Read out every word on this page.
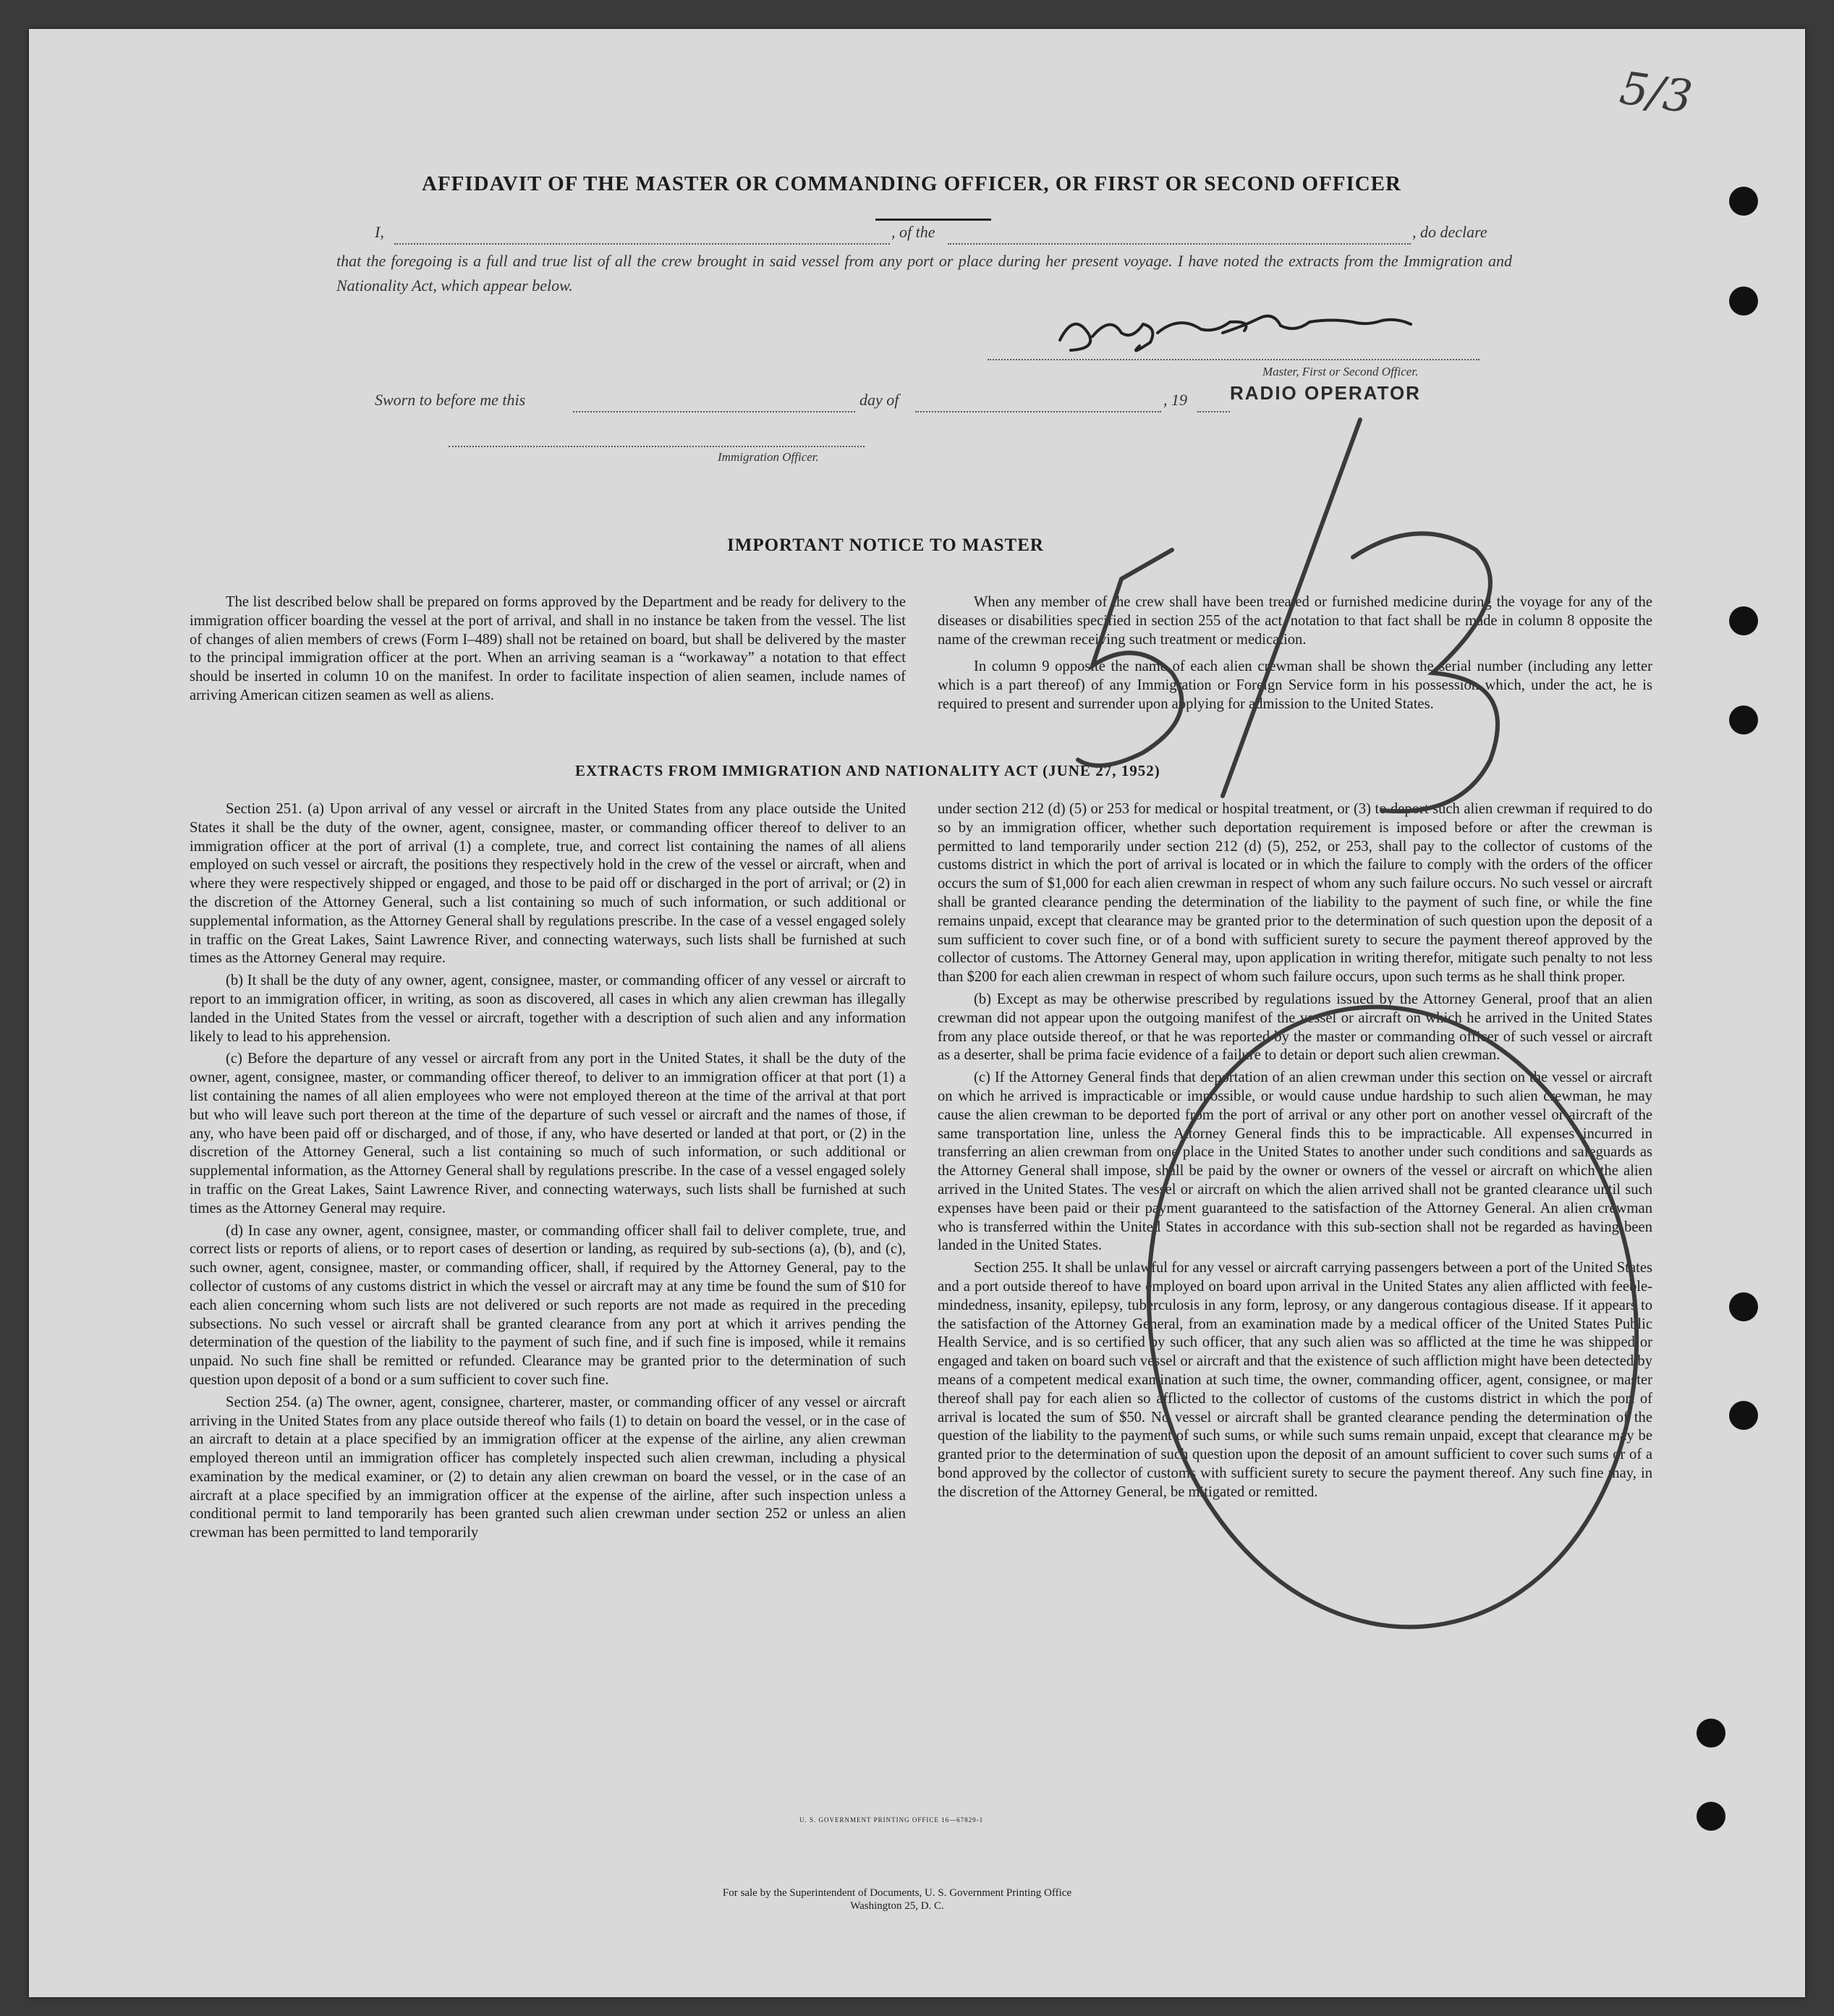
AFFIDAVIT OF THE MASTER OR COMMANDING OFFICER, OR FIRST OR SECOND OFFICER
I,	, of the	, do declare
that the foregoing is a full and true list of all the crew brought in said vessel from any port or place during her present voyage. I have noted the extracts from the Immigration and Nationality Act, which appear below.
Master, First or Second Officer.
RADIO OPERATOR
Sworn to before me this	day of	, 19
Immigration Officer.
IMPORTANT NOTICE TO MASTER

The list described below shall be prepared on forms approved by the Department and be ready for delivery to the immigration officer boarding the vessel at the port of arrival, and shall in no instance be taken from the vessel. The list of changes of alien members of crews (Form I–489) shall not be retained on board, but shall be delivered by the master to the principal immigration officer at the port. When an arriving seaman is a “workaway” a notation to that effect should be inserted in column 10 on the manifest. In order to facilitate inspection of alien seamen, include names of arriving American citizen seamen as well as aliens.

When any member of the crew shall have been treated or furnished medicine during the voyage for any of the diseases or disabilities specified in section 255 of the act, notation to that fact shall be made in column 8 opposite the name of the crewman receiving such treatment or medication.

In column 9 opposite the name of each alien crewman shall be shown the serial number (including any letter which is a part thereof) of any Immigration or Foreign Service form in his possession which, under the act, he is required to present and surrender upon applying for admission to the United States.

EXTRACTS FROM IMMIGRATION AND NATIONALITY ACT (JUNE 27, 1952)

Section 251. (a) Upon arrival of any vessel or aircraft in the United States from any place outside the United States it shall be the duty of the owner, agent, consignee, master, or commanding officer thereof to deliver to an immigration officer at the port of arrival (1) a complete, true, and correct list containing the names of all aliens employed on such vessel or aircraft, the positions they respectively hold in the crew of the vessel or aircraft, when and where they were respectively shipped or engaged, and those to be paid off or discharged in the port of arrival; or (2) in the discretion of the Attorney General, such a list containing so much of such information, or such additional or supplemental information, as the Attorney General shall by regulations prescribe. In the case of a vessel engaged solely in traffic on the Great Lakes, Saint Lawrence River, and connecting waterways, such lists shall be furnished at such times as the Attorney General may require.

(b) It shall be the duty of any owner, agent, consignee, master, or commanding officer of any vessel or aircraft to report to an immigration officer, in writing, as soon as discovered, all cases in which any alien crewman has illegally landed in the United States from the vessel or aircraft, together with a description of such alien and any information likely to lead to his apprehension.

(c) Before the departure of any vessel or aircraft from any port in the United States, it shall be the duty of the owner, agent, consignee, master, or commanding officer thereof, to deliver to an immigration officer at that port (1) a list containing the names of all alien employees who were not employed thereon at the time of the arrival at that port but who will leave such port thereon at the time of the departure of such vessel or aircraft and the names of those, if any, who have been paid off or discharged, and of those, if any, who have deserted or landed at that port, or (2) in the discretion of the Attorney General, such a list containing so much of such information, or such additional or supplemental information, as the Attorney General shall by regulations prescribe. In the case of a vessel engaged solely in traffic on the Great Lakes, Saint Lawrence River, and connecting waterways, such lists shall be furnished at such times as the Attorney General may require.

(d) In case any owner, agent, consignee, master, or commanding officer shall fail to deliver complete, true, and correct lists or reports of aliens, or to report cases of desertion or landing, as required by sub-sections (a), (b), and (c), such owner, agent, consignee, master, or commanding officer, shall, if required by the Attorney General, pay to the collector of customs of any customs district in which the vessel or aircraft may at any time be found the sum of $10 for each alien concerning whom such lists are not delivered or such reports are not made as required in the preceding subsections. No such vessel or aircraft shall be granted clearance from any port at which it arrives pending the determination of the question of the liability to the payment of such fine, and if such fine is imposed, while it remains unpaid. No such fine shall be remitted or refunded. Clearance may be granted prior to the determination of such question upon deposit of a bond or a sum sufficient to cover such fine.

Section 254. (a) The owner, agent, consignee, charterer, master, or commanding officer of any vessel or aircraft arriving in the United States from any place outside thereof who fails (1) to detain on board the vessel, or in the case of an aircraft to detain at a place specified by an immigration officer at the expense of the airline, any alien crewman employed thereon until an immigration officer has completely inspected such alien crewman, including a physical examination by the medical examiner, or (2) to detain any alien crewman on board the vessel, or in the case of an aircraft at a place specified by an immigration officer at the expense of the airline, after such inspection unless a conditional permit to land temporarily has been granted such alien crewman under section 252 or unless an alien crewman has been permitted to land temporarily

under section 212 (d) (5) or 253 for medical or hospital treatment, or (3) to deport such alien crewman if required to do so by an immigration officer, whether such deportation requirement is imposed before or after the crewman is permitted to land temporarily under section 212 (d) (5), 252, or 253, shall pay to the collector of customs of the customs district in which the port of arrival is located or in which the failure to comply with the orders of the officer occurs the sum of $1,000 for each alien crewman in respect of whom any such failure occurs. No such vessel or aircraft shall be granted clearance pending the determination of the liability to the payment of such fine, or while the fine remains unpaid, except that clearance may be granted prior to the determination of such question upon the deposit of a sum sufficient to cover such fine, or of a bond with sufficient surety to secure the payment thereof approved by the collector of customs. The Attorney General may, upon application in writing therefor, mitigate such penalty to not less than $200 for each alien crewman in respect of whom such failure occurs, upon such terms as he shall think proper.

(b) Except as may be otherwise prescribed by regulations issued by the Attorney General, proof that an alien crewman did not appear upon the outgoing manifest of the vessel or aircraft on which he arrived in the United States from any place outside thereof, or that he was reported by the master or commanding officer of such vessel or aircraft as a deserter, shall be prima facie evidence of a failure to detain or deport such alien crewman.

(c) If the Attorney General finds that deportation of an alien crewman under this section on the vessel or aircraft on which he arrived is impracticable or impossible, or would cause undue hardship to such alien crewman, he may cause the alien crewman to be deported from the port of arrival or any other port on another vessel or aircraft of the same transportation line, unless the Attorney General finds this to be impracticable. All expenses incurred in transferring an alien crewman from one place in the United States to another under such conditions and safeguards as the Attorney General shall impose, shall be paid by the owner or owners of the vessel or aircraft on which the alien arrived in the United States. The vessel or aircraft on which the alien arrived shall not be granted clearance until such expenses have been paid or their payment guaranteed to the satisfaction of the Attorney General. An alien crewman who is transferred within the United States in accordance with this sub-section shall not be regarded as having been landed in the United States.

Section 255. It shall be unlawful for any vessel or aircraft carrying passengers between a port of the United States and a port outside thereof to have employed on board upon arrival in the United States any alien afflicted with feeble-mindedness, insanity, epilepsy, tuberculosis in any form, leprosy, or any dangerous contagious disease. If it appears to the satisfaction of the Attorney General, from an examination made by a medical officer of the United States Public Health Service, and is so certified by such officer, that any such alien was so afflicted at the time he was shipped or engaged and taken on board such vessel or aircraft and that the existence of such affliction might have been detected by means of a competent medical examination at such time, the owner, commanding officer, agent, consignee, or master thereof shall pay for each alien so afflicted to the collector of customs of the customs district in which the port of arrival is located the sum of $50. No vessel or aircraft shall be granted clearance pending the determination of the question of the liability to the payment of such sums, or while such sums remain unpaid, except that clearance may be granted prior to the determination of such question upon the deposit of an amount sufficient to cover such sums or of a bond approved by the collector of customs with sufficient surety to secure the payment thereof. Any such fine may, in the discretion of the Attorney General, be mitigated or remitted.

U. S. GOVERNMENT PRINTING OFFICE 16—67829-1
For sale by the Superintendent of Documents, U. S. Government Printing Office
Washington 25, D. C.
5/3
